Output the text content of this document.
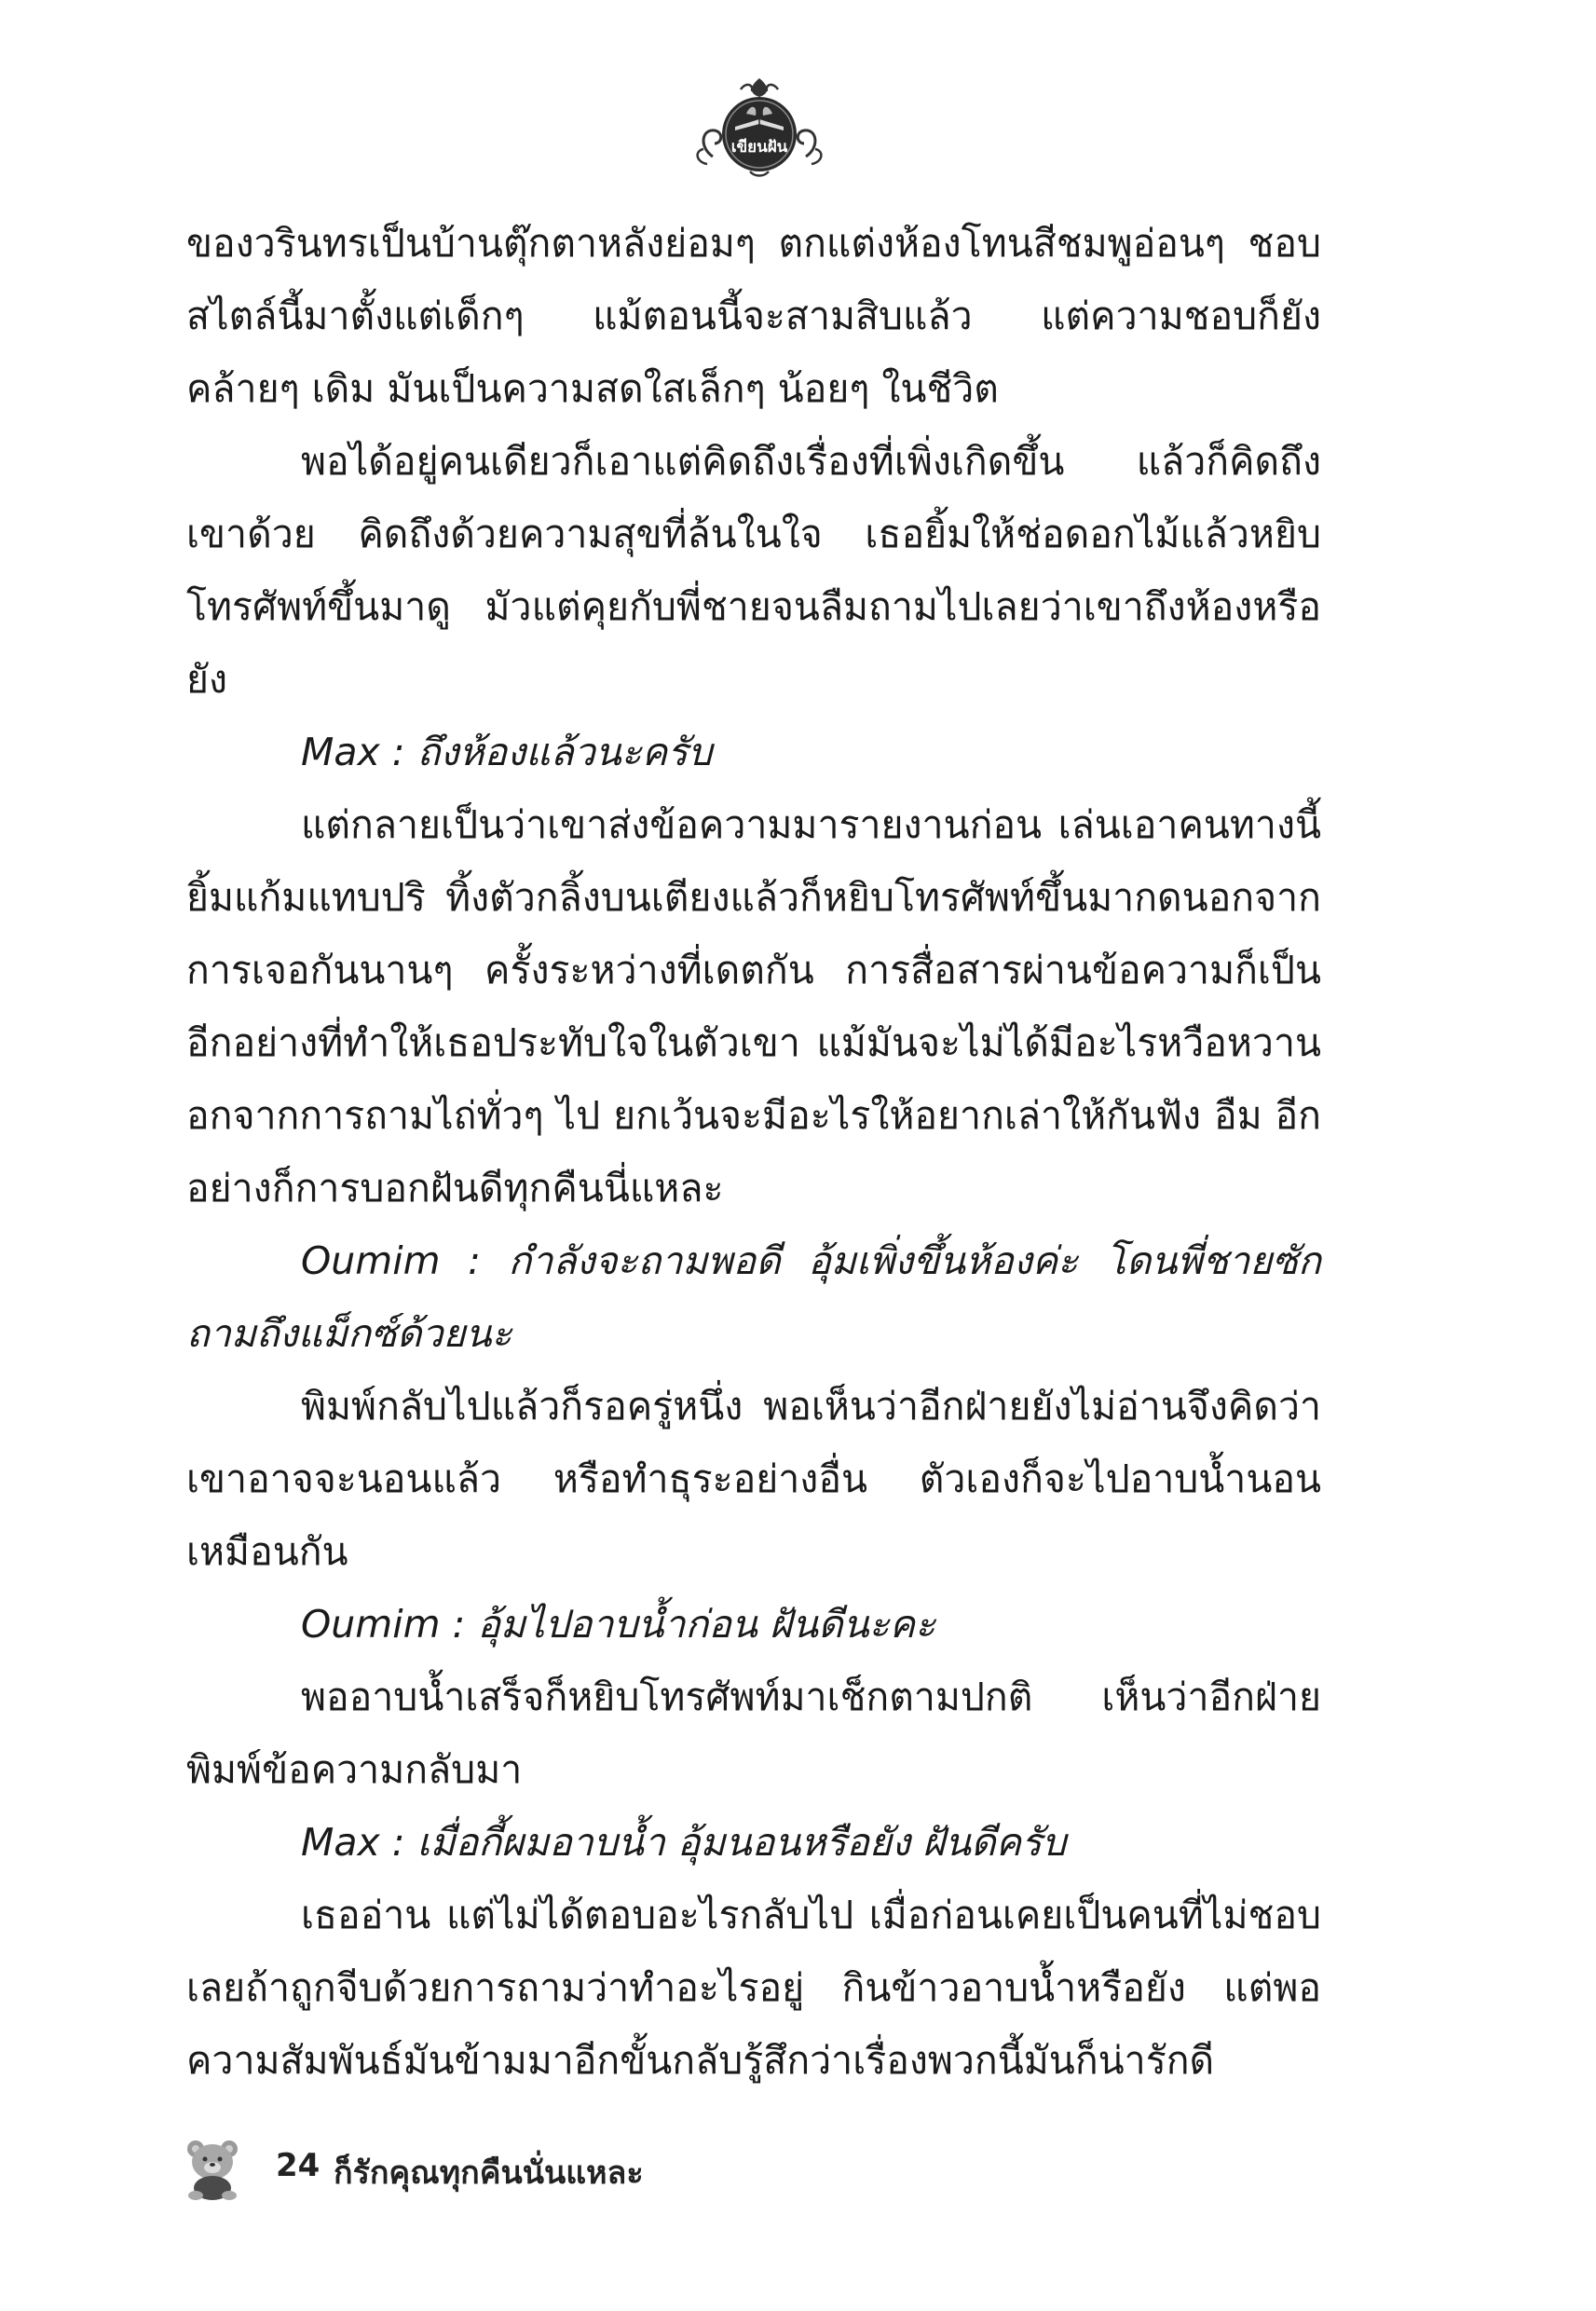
เขียนฝัน

ของวรินทรเป็นบ้านตุ๊กตาหลังย่อมๆ ตกแต่งห้องโทนสีชมพูอ่อนๆ ชอบสไตล์นี้มาตั้งแต่เด็กๆ แม้ตอนนี้จะสามสิบแล้ว แต่ความชอบก็ยังคล้ายๆ เดิม มันเป็นความสดใสเล็กๆ น้อยๆ ในชีวิต

พอได้อยู่คนเดียวก็เอาแต่คิดถึงเรื่องที่เพิ่งเกิดขึ้น แล้วก็คิดถึงเขาด้วย คิดถึงด้วยความสุขที่ล้นในใจ เธอยิ้มให้ช่อดอกไม้แล้วหยิบโทรศัพท์ขึ้นมาดู มัวแต่คุยกับพี่ชายจนลืมถามไปเลยว่าเขาถึงห้องหรือยัง

Max : ถึงห้องแล้วนะครับ

แต่กลายเป็นว่าเขาส่งข้อความมารายงานก่อน เล่นเอาคนทางนี้ยิ้มแก้มแทบปริ ทิ้งตัวกลิ้งบนเตียงแล้วก็หยิบโทรศัพท์ขึ้นมากดนอกจากการเจอกันนานๆ ครั้งระหว่างที่เดตกัน การสื่อสารผ่านข้อความก็เป็นอีกอย่างที่ทำให้เธอประทับใจในตัวเขา แม้มันจะไม่ได้มีอะไรหวือหวานอกจากการถามไถ่ทั่วๆ ไป ยกเว้นจะมีอะไรให้อยากเล่าให้กันฟัง อืม อีกอย่างก็การบอกฝันดีทุกคืนนี่แหละ

Oumim : กำลังจะถามพอดี อุ้มเพิ่งขึ้นห้องค่ะ โดนพี่ชายซักถามถึงแม็กซ์ด้วยนะ

พิมพ์กลับไปแล้วก็รอครู่หนึ่ง พอเห็นว่าอีกฝ่ายยังไม่อ่านจึงคิดว่าเขาอาจจะนอนแล้ว หรือทำธุระอย่างอื่น ตัวเองก็จะไปอาบน้ำนอนเหมือนกัน

Oumim : อุ้มไปอาบน้ำก่อน ฝันดีนะคะ

พออาบน้ำเสร็จก็หยิบโทรศัพท์มาเช็กตามปกติ เห็นว่าอีกฝ่ายพิมพ์ข้อความกลับมา

Max : เมื่อกี้ผมอาบน้ำ อุ้มนอนหรือยัง ฝันดีครับ

เธออ่าน แต่ไม่ได้ตอบอะไรกลับไป เมื่อก่อนเคยเป็นคนที่ไม่ชอบเลยถ้าถูกจีบด้วยการถามว่าทำอะไรอยู่ กินข้าวอาบน้ำหรือยัง แต่พอความสัมพันธ์มันข้ามมาอีกขั้นกลับรู้สึกว่าเรื่องพวกนี้มันก็น่ารักดี

24 ก็รักคุณทุกคืนนั่นแหละ
